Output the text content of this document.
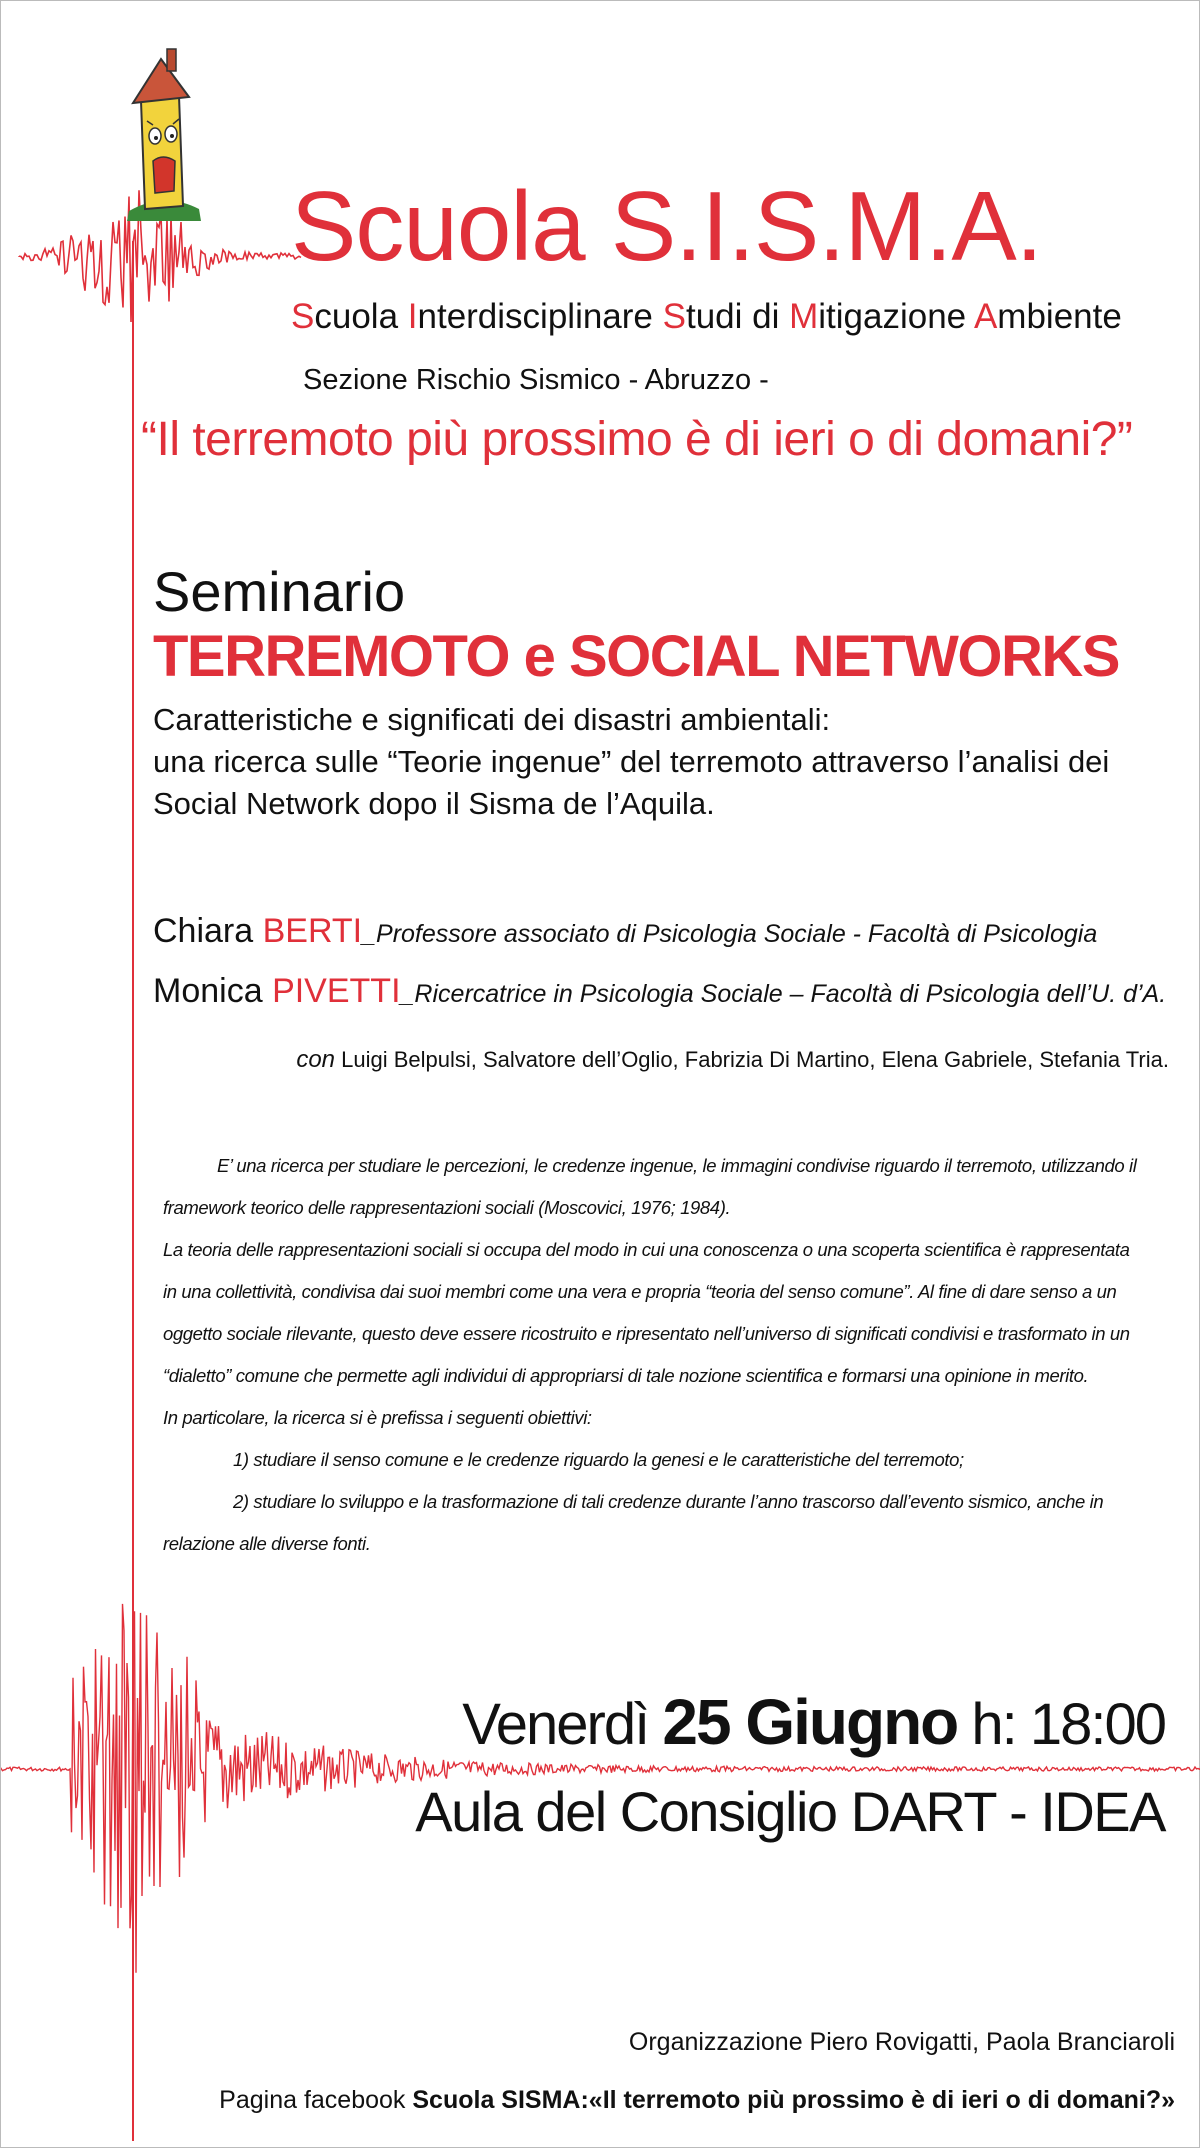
Scuola S.I.S.M.A.
Scuola Interdisciplinare Studi di Mitigazione Ambiente
Sezione Rischio Sismico - Abruzzo -
“Il terremoto più prossimo è di ieri o di domani?”
Seminario
TERREMOTO e SOCIAL NETWORKS
Caratteristiche e significati dei disastri ambientali:
una ricerca sulle “Teorie ingenue” del terremoto attraverso l’analisi dei
Social Network dopo il Sisma de l’Aquila.
Chiara BERTI_Professore associato di Psicologia Sociale - Facoltà di Psicologia
Monica PIVETTI_Ricercatrice in Psicologia Sociale – Facoltà di Psicologia dell’U. d’A.
con Luigi Belpulsi, Salvatore dell’Oglio, Fabrizia Di Martino, Elena Gabriele, Stefania Tria.

E’ una ricerca per studiare le percezioni, le credenze ingenue, le immagini condivise riguardo il terremoto, utilizzando il

framework teorico delle rappresentazioni sociali (Moscovici, 1976; 1984).

La teoria delle rappresentazioni sociali si occupa del modo in cui una conoscenza o una scoperta scientifica è rappresentata

in una collettività, condivisa dai suoi membri come una vera e propria “teoria del senso comune”. Al fine di dare senso a un

oggetto sociale rilevante, questo deve essere ricostruito e ripresentato nell’universo di significati condivisi e trasformato in un

“dialetto” comune che permette agli individui di appropriarsi di tale nozione scientifica e formarsi una opinione in merito.

In particolare, la ricerca si è prefissa i seguenti obiettivi:

1) studiare il senso comune e le credenze riguardo la genesi e le caratteristiche del terremoto;

2) studiare lo sviluppo e la trasformazione di tali credenze durante l’anno trascorso dall’evento sismico, anche in

relazione alle diverse fonti.

Venerdì 25 Giugno h: 18:00
Aula del Consiglio DART - IDEA
Organizzazione Piero Rovigatti, Paola Branciaroli
Pagina facebook Scuola SISMA:«Il terremoto più prossimo è di ieri o di domani?»
